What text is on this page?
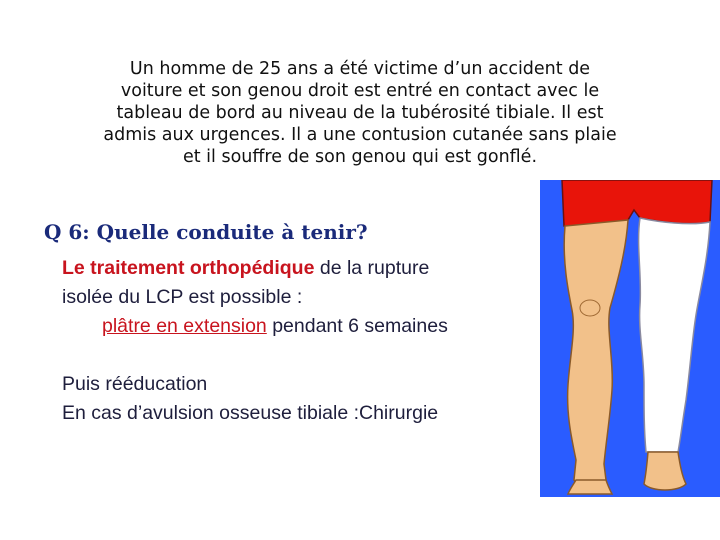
Un homme de 25 ans a été victime d’un accident de
voiture et son genou droit est entré en contact avec le
tableau de bord au niveau de la tubérosité tibiale. Il est
admis aux urgences. Il a une contusion cutanée sans plaie
et il souffre de son genou qui est gonflé.
Q 6: Quelle conduite à tenir?
Le traitement orthopédique de la rupture
isolée du LCP est possible :
plâtre en extension pendant 6 semaines
Puis rééducation
En cas d’avulsion osseuse tibiale :Chirurgie
